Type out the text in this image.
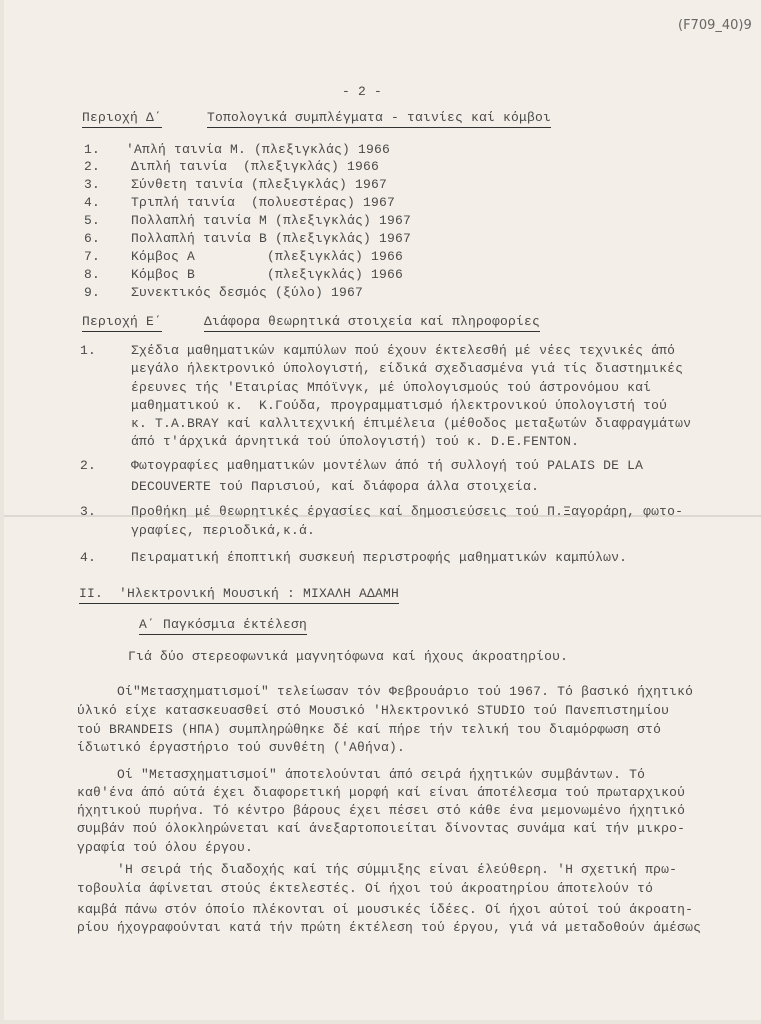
(F709_40)9
- 2 -
Περιοχή Δ΄	Τοπολογικά συμπλέγματα - ταινίες καί κόμβοι
1. 'Απλή ταινία Μ. (πλεξιγκλάς) 1966
2. Διπλή ταινία  (πλεξιγκλάς) 1966
3. Σύνθετη ταινία (πλεξιγκλάς) 1967
4. Τριπλή ταινία  (πολυεστέρας) 1967
5. Πολλαπλή ταινία Μ (πλεξιγκλάς) 1967
6. Πολλαπλή ταινία Β (πλεξιγκλάς) 1967
7. Κόμβος Α         (πλεξιγκλάς) 1966
8. Κόμβος Β         (πλεξιγκλάς) 1966
9. Συνεκτικός δεσμός (ξύλο) 1967
Περιοχή Ε΄	Διάφορα θεωρητικά στοιχεία καί πληροφορίες
1.	Σχέδια μαθηματικών καμπύλων πού έχουν έκτελεσθή μέ νέες τεχνικές άπό
μεγάλο ήλεκτρονικό ύπολογιστή, είδικά σχεδιασμένα γιά τίς διαστημικές
έρευνες τής 'Εταιρίας Μπόϊνγκ, μέ ύπολογισμούς τού άστρονόμου καί
μαθηματικού κ.  Κ.Γούδα, προγραμματισμό ήλεκτρονικού ύπολογιστή τού
κ. T.A.BRAY καί καλλιτεχνική έπιμέλεια (μέθοδος μεταξωτών διαφραγμάτων
άπό τ'άρχικά άρνητικά τού ύπολογιστή) τού κ. D.E.FENTON.
2.	Φωτογραφίες μαθηματικών μοντέλων άπό τή συλλογή τού PALAIS DE LA
DECOUVERTE τού Παρισιού, καί διάφορα άλλα στοιχεία.
3.	Προθήκη μέ θεωρητικές έργασίες καί δημοσιεύσεις τού Π.Ξαγοράρη, φωτο-
γραφίες, περιοδικά,κ.ά.
4.	Πειραματική έποπτική συσκευή περιστροφής μαθηματικών καμπύλων.
ΙΙ.  'Ηλεκτρονική Μουσική : ΜΙΧΑΛΗ ΑΔΑΜΗ
Α΄ Παγκόσμια έκτέλεση
Γιά δύο στερεοφωνικά μαγνητόφωνα καί ήχους άκροατηρίου.
Οί"Μετασχηματισμοί" τελείωσαν τόν Φεβρουάριο τού 1967. Τό βασικό ήχητικό
ύλικό είχε κατασκευασθεί στό Μουσικό 'Ηλεκτρονικό STUDIO τού Πανεπιστημίου
τού BRANDEIS (ΗΠΑ) συμπληρώθηκε δέ καί πήρε τήν τελική του διαμόρφωση στό
ίδιωτικό έργαστήριο τού συνθέτη ('Αθήνα).
Οί "Μετασχηματισμοί" άποτελούνται άπό σειρά ήχητικών συμβάντων. Τό
καθ'ένα άπό αύτά έχει διαφορετική μορφή καί είναι άποτέλεσμα τού πρωταρχικού
ήχητικού πυρήνα. Τό κέντρο βάρους έχει πέσει στό κάθε ένα μεμονωμένο ήχητικό
συμβάν πού όλοκληρώνεται καί άνεξαρτοποιείται δίνοντας συνάμα καί τήν μικρο-
γραφία τού όλου έργου.
'Η σειρά τής διαδοχής καί τής σύμμιξης είναι έλεύθερη. 'Η σχετική πρω-
τοβουλία άφίνεται στούς έκτελεστές. Οί ήχοι τού άκροατηρίου άποτελούν τό
καμβά πάνω στόν όποίο πλέκονται οί μουσικές ίδέες. Οί ήχοι αύτοί τού άκροατη-
ρίου ήχογραφούνται κατά τήν πρώτη έκτέλεση τού έργου, γιά νά μεταδοθούν άμέσως
